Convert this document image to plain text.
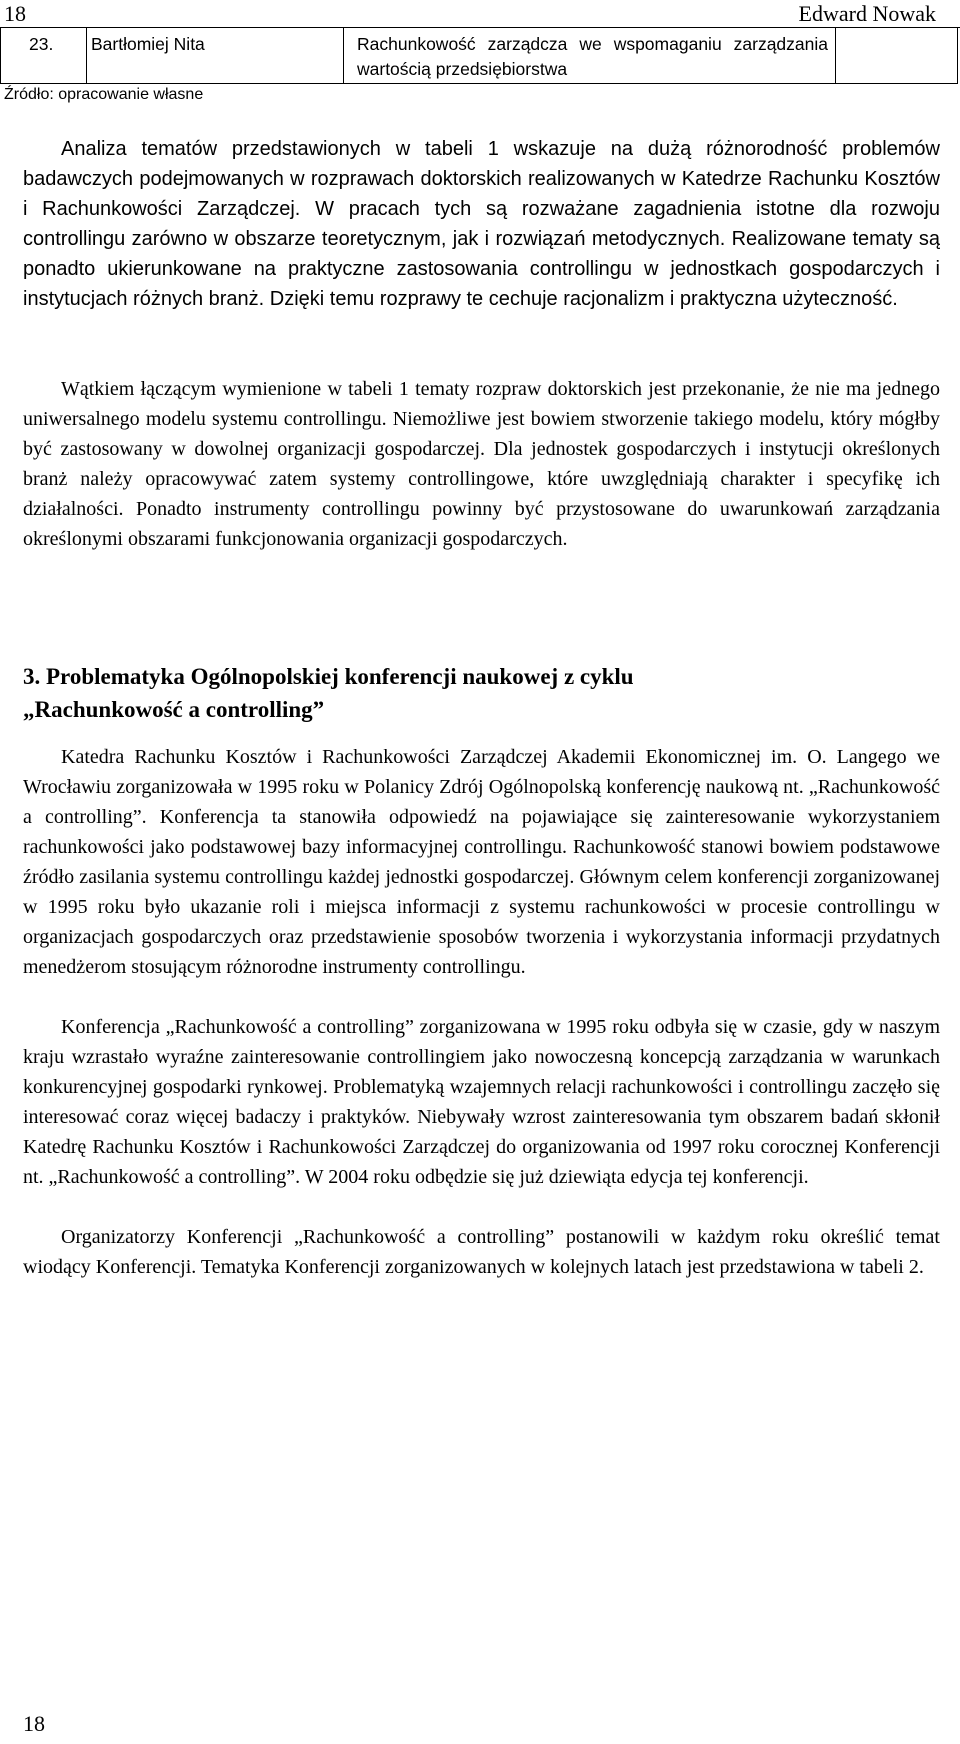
18	Edward Nowak
23.	Bartłomiej Nita	Rachunkowość zarządcza we wspomaganiu zarządzania wartością przedsiębiorstwa
Źródło: opracowanie własne

Analiza tematów przedstawionych w tabeli 1 wskazuje na dużą różnorodność problemów badawczych podejmowanych w rozprawach doktorskich realizowanych w Katedrze Rachunku Kosztów i Rachunkowości Zarządczej. W pracach tych są rozważane zagadnienia istotne dla rozwoju controllingu zarówno w obszarze teoretycznym, jak i rozwiązań metodycznych. Realizowane tematy są ponadto ukierunkowane na praktyczne zastosowania controllingu w jednostkach gospodarczych i instytucjach różnych branż. Dzięki temu rozprawy te cechuje racjonalizm i praktyczna użyteczność.

Wątkiem łączącym wymienione w tabeli 1 tematy rozpraw doktorskich jest przekonanie, że nie ma jednego uniwersalnego modelu systemu controllingu. Niemożliwe jest bowiem stworzenie takiego modelu, który mógłby być zastosowany w dowolnej organizacji gospodarczej. Dla jednostek gospodarczych i instytucji określonych branż należy opracowywać zatem systemy controllingowe, które uwzględniają charakter i specyfikę ich działalności. Ponadto instrumenty controllingu powinny być przystosowane do uwarunkowań zarządzania określonymi obszarami funkcjonowania organizacji gospodarczych.

3. Problematyka Ogólnopolskiej konferencji naukowej z cyklu
„Rachunkowość a controlling”

Katedra Rachunku Kosztów i Rachunkowości Zarządczej Akademii Ekonomicznej im. O. Langego we Wrocławiu zorganizowała w 1995 roku w Polanicy Zdrój Ogólnopolską konferencję naukową nt. „Rachunkowość a controlling”. Konferencja ta stanowiła odpowiedź na pojawiające się zainteresowanie wykorzystaniem rachunkowości jako podstawowej bazy informacyjnej controllingu. Rachunkowość stanowi bowiem podstawowe źródło zasilania systemu controllingu każdej jednostki gospodarczej. Głównym celem konferencji zorganizowanej w 1995 roku było ukazanie roli i miejsca informacji z systemu rachunkowości w procesie controllingu w organizacjach gospodarczych oraz przedstawienie sposobów tworzenia i wykorzystania informacji przydatnych menedżerom stosującym różnorodne instrumenty controllingu.

Konferencja „Rachunkowość a controlling” zorganizowana w 1995 roku odbyła się w czasie, gdy w naszym kraju wzrastało wyraźne zainteresowanie controllingiem jako nowoczesną koncepcją zarządzania w warunkach konkurencyjnej gospodarki rynkowej. Problematyką wzajemnych relacji rachunkowości i controllingu zaczęło się interesować coraz więcej badaczy i praktyków. Niebywały wzrost zainteresowania tym obszarem badań skłonił Katedrę Rachunku Kosztów i Rachunkowości Zarządczej do organizowania od 1997 roku corocznej Konferencji nt. „Rachunkowość a controlling”. W 2004 roku odbędzie się już dziewiąta edycja tej konferencji.

Organizatorzy Konferencji „Rachunkowość a controlling” postanowili w każdym roku określić temat wiodący Konferencji. Tematyka Konferencji zorganizowanych w kolejnych latach jest przedstawiona w tabeli 2.

18
